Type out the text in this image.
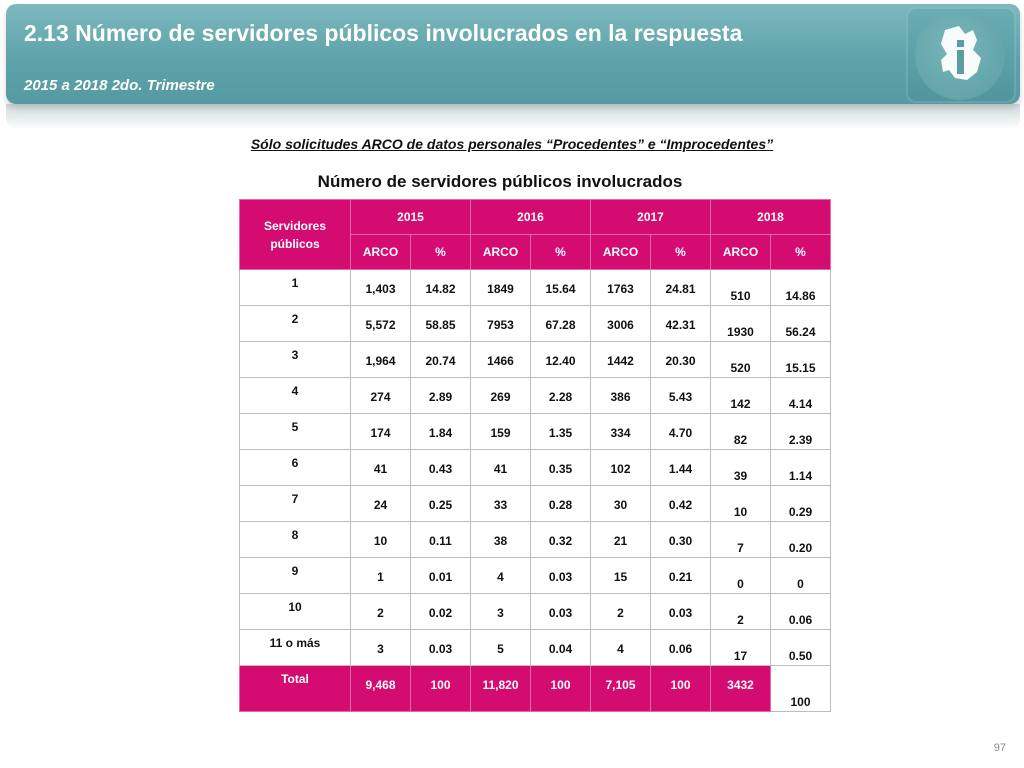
2.13 Número de servidores públicos involucrados en la respuesta
2015 a 2018 2do. Trimestre
Sólo solicitudes ARCO de datos personales “Procedentes” e “Improcedentes”
Número de servidores públicos involucrados
Servidores públicos	2015		2016		2017		2018	
	ARCO	%	ARCO	%	ARCO	%	ARCO	%
1	1,403	14.82	1849	15.64	1763	24.81	510	14.86
2	5,572	58.85	7953	67.28	3006	42.31	1930	56.24
3	1,964	20.74	1466	12.40	1442	20.30	520	15.15
4	274	2.89	269	2.28	386	5.43	142	4.14
5	174	1.84	159	1.35	334	4.70	82	2.39
6	41	0.43	41	0.35	102	1.44	39	1.14
7	24	0.25	33	0.28	30	0.42	10	0.29
8	10	0.11	38	0.32	21	0.30	7	0.20
9	1	0.01	4	0.03	15	0.21	0	0
10	2	0.02	3	0.03	2	0.03	2	0.06
11 o más	3	0.03	5	0.04	4	0.06	17	0.50
Total	9,468	100	11,820	100	7,105	100	3432	100
97
